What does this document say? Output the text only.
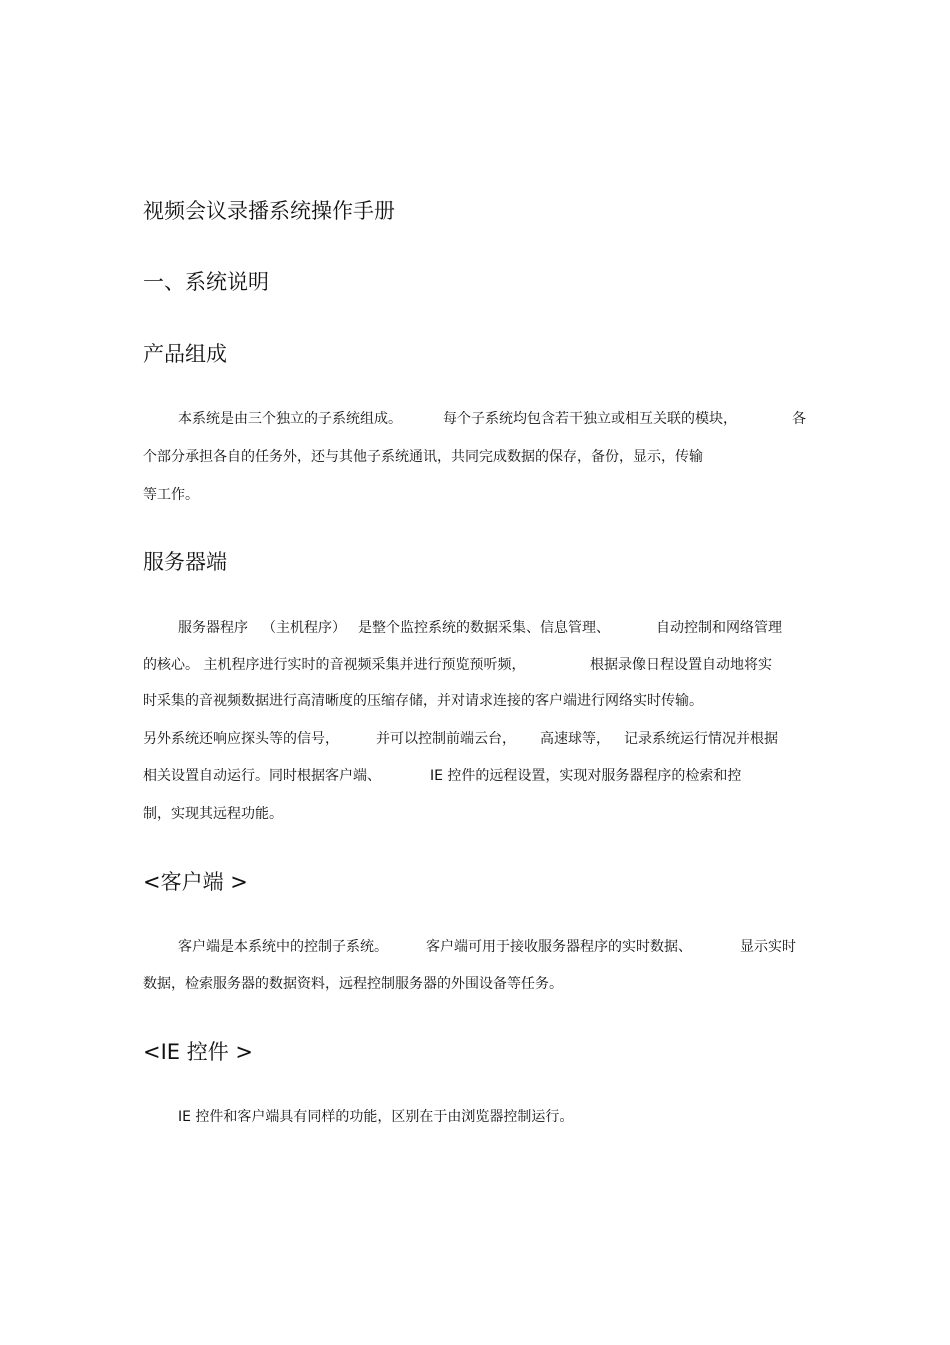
视频会议录播系统操作手册
一、系统说明
产品组成
本系统是由三个独立的子系统组成。	每个子系统均包含若干独立或相互关联的模块，	各
个部分承担各自的任务外，还与其他子系统通讯，共同完成数据的保存，备份，显示，传输
等工作。
服务器端
服务器程序 （主机程序） 是整个监控系统的数据采集、信息管理、	自动控制和网络管理
的核心。 主机程序进行实时的音视频采集并进行预览预听频，	根据录像日程设置自动地将实
时采集的音视频数据进行高清晰度的压缩存储，并对请求连接的客户端进行网络实时传输。
另外系统还响应探头等的信号，	并可以控制前端云台， 高速球等， 记录系统运行情况并根据
相关设置自动运行。同时根据客户端、	IE 控件的远程设置，实现对服务器程序的检索和控
制，实现其远程功能。
<客户端 >
客户端是本系统中的控制子系统。	客户端可用于接收服务器程序的实时数据、	显示实时
数据，检索服务器的数据资料，远程控制服务器的外围设备等任务。
<IE 控件 >
IE 控件和客户端具有同样的功能，区别在于由浏览器控制运行。
